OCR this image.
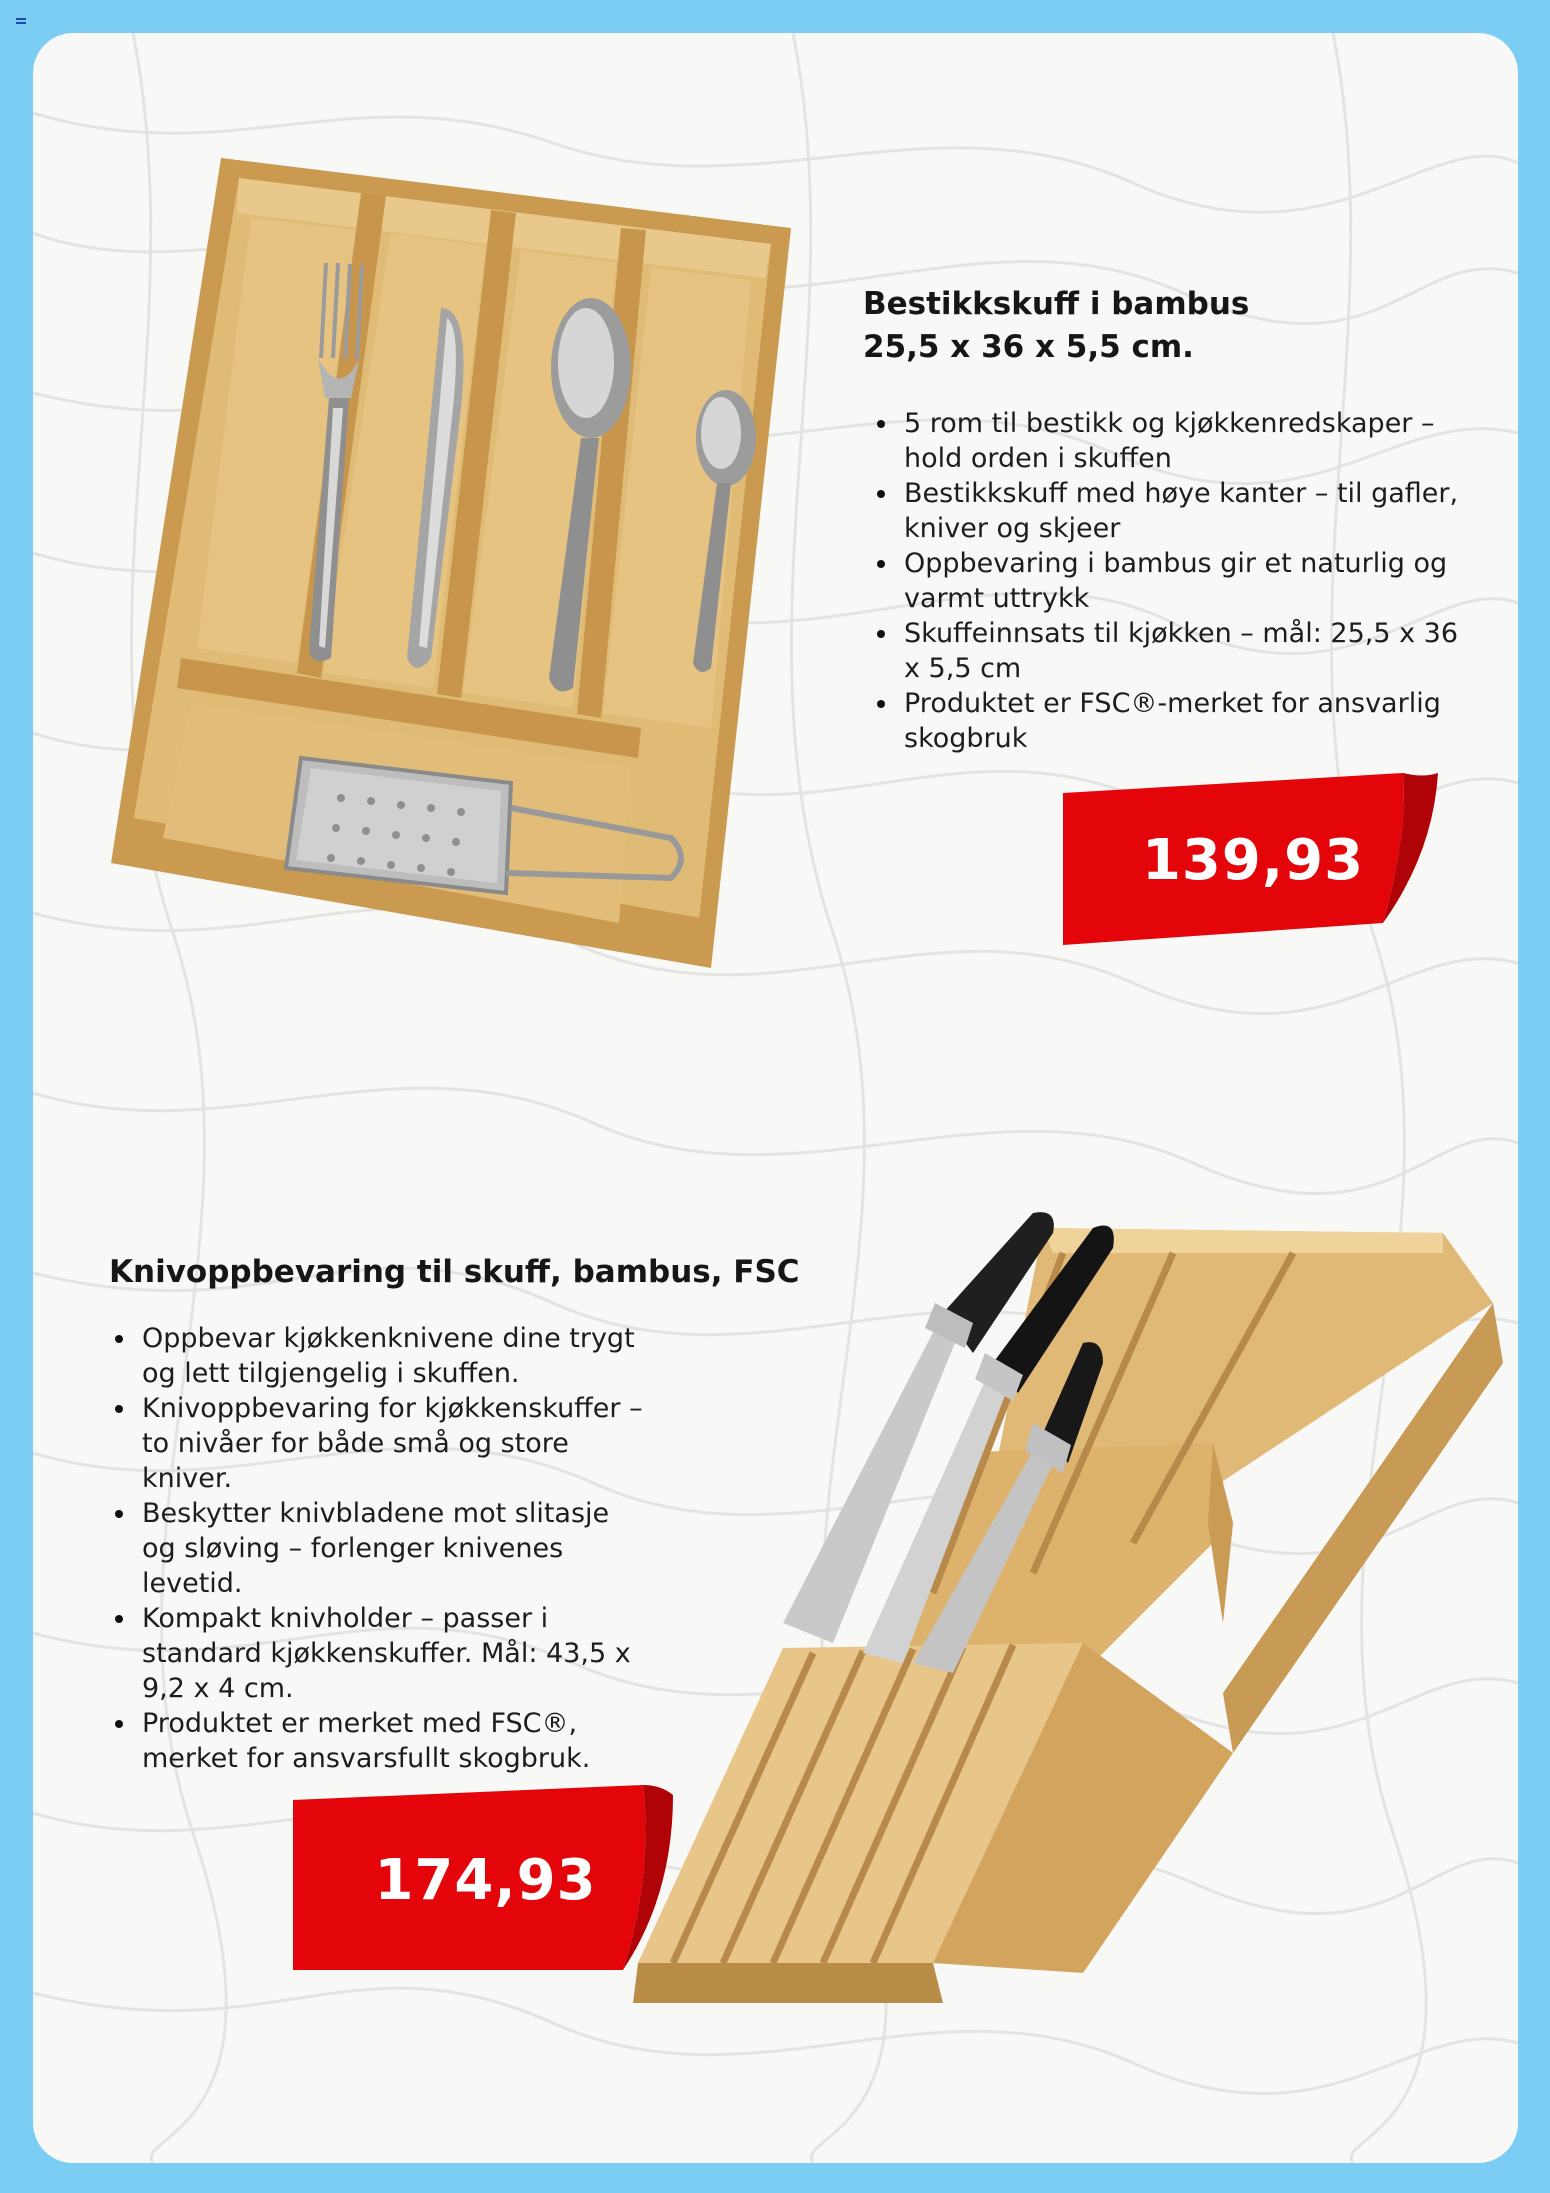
Bestikkskuff i bambus
25,5 x 36 x 5,5 cm.
5 rom til bestikk og kjøkkenredskaper – hold orden i skuffen
Bestikkskuff med høye kanter – til gafler, kniver og skjeer
Oppbevaring i bambus gir et naturlig og varmt uttrykk
Skuffeinnsats til kjøkken – mål: 25,5 x 36 x 5,5 cm
Produktet er FSC®-merket for ansvarlig skogbruk
139,93
Knivoppbevaring til skuff, bambus, FSC
Oppbevar kjøkkenknivene dine trygt og lett tilgjengelig i skuffen.
Knivoppbevaring for kjøkkenskuffer – to nivåer for både små og store kniver.
Beskytter knivbladene mot slitasje og sløving – forlenger knivenes levetid.
Kompakt knivholder – passer i standard kjøkkenskuffer. Mål: 43,5 x 9,2 x 4 cm.
Produktet er merket med FSC®, merket for ansvarsfullt skogbruk.
174,93
